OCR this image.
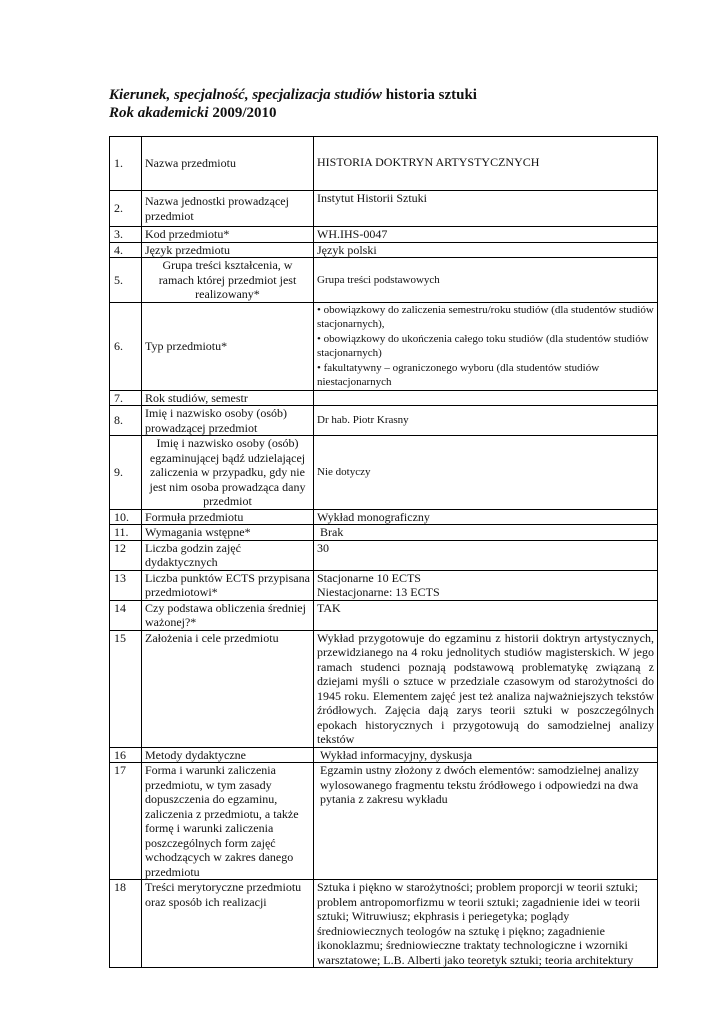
Kierunek, specjalność, specjalizacja studiów historia sztuki
Rok akademicki 2009/2010
1.	Nazwa przedmiotu	HISTORIA DOKTRYN ARTYSTYCZNYCH
2.	Nazwa jednostki prowadzącej przedmiot	Instytut Historii Sztuki
3.	Kod przedmiotu*	WH.IHS-0047
4.	Język przedmiotu	Język polski
5.	Grupa treści kształcenia, w ramach której przedmiot jest realizowany*	Grupa treści podstawowych
6.	Typ przedmiotu*	• obowiązkowy do zaliczenia semestru/roku studiów (dla studentów studiów stacjonarnych),
• obowiązkowy do ukończenia całego toku studiów (dla studentów studiów stacjonarnych)
• fakultatywny – ograniczonego wyboru (dla studentów studiów niestacjonarnych

7.	Rok studiów, semestr	
8.	Imię i nazwisko osoby (osób) prowadzącej przedmiot	Dr hab. Piotr Krasny
9.	Imię i nazwisko osoby (osób) egzaminującej bądź udzielającej zaliczenia w przypadku, gdy nie jest nim osoba prowadząca dany przedmiot	Nie dotyczy
10.	Formuła przedmiotu	Wykład monograficzny
11.	Wymagania wstępne*	Brak
12	Liczba godzin zajęć dydaktycznych	30
13	Liczba punktów ECTS przypisana przedmiotowi*	Stacjonarne 10 ECTS
Niestacjonarne: 13 ECTS

14	Czy podstawa obliczenia średniej ważonej?*	TAK
15	Założenia i cele przedmiotu	Wykład przygotowuje do egzaminu z historii doktryn artystycznych, przewidzianego na 4 roku jednolitych studiów magisterskich. W jego ramach studenci poznają podstawową problematykę związaną z dziejami myśli o sztuce w przedziale czasowym od starożytności do 1945 roku. Elementem zajęć jest też analiza najważniejszych tekstów źródłowych. Zajęcia dają zarys teorii sztuki w poszczególnych epokach historycznych i przygotowują do samodzielnej analizy tekstów
16	Metody dydaktyczne	Wykład informacyjny, dyskusja
17	Forma i warunki zaliczenia przedmiotu, w tym zasady dopuszczenia do egzaminu, zaliczenia z przedmiotu, a także formę i warunki zaliczenia poszczególnych form zajęć wchodzących w zakres danego przedmiotu	Egzamin ustny złożony z dwóch elementów: samodzielnej analizy wylosowanego fragmentu tekstu źródłowego i odpowiedzi na dwa pytania z zakresu wykładu
18	Treści merytoryczne przedmiotu oraz sposób ich realizacji	Sztuka i piękno w starożytności; problem proporcji w teorii sztuki; problem antropomorfizmu w teorii sztuki; zagadnienie idei w teorii sztuki; Witruwiusz; ekphrasis i periegetyka; poglądy średniowiecznych teologów na sztukę i piękno; zagadnienie ikonoklazmu; średniowieczne traktaty technologiczne i wzorniki warsztatowe; L.B. Alberti jako teoretyk sztuki; teoria architektury
